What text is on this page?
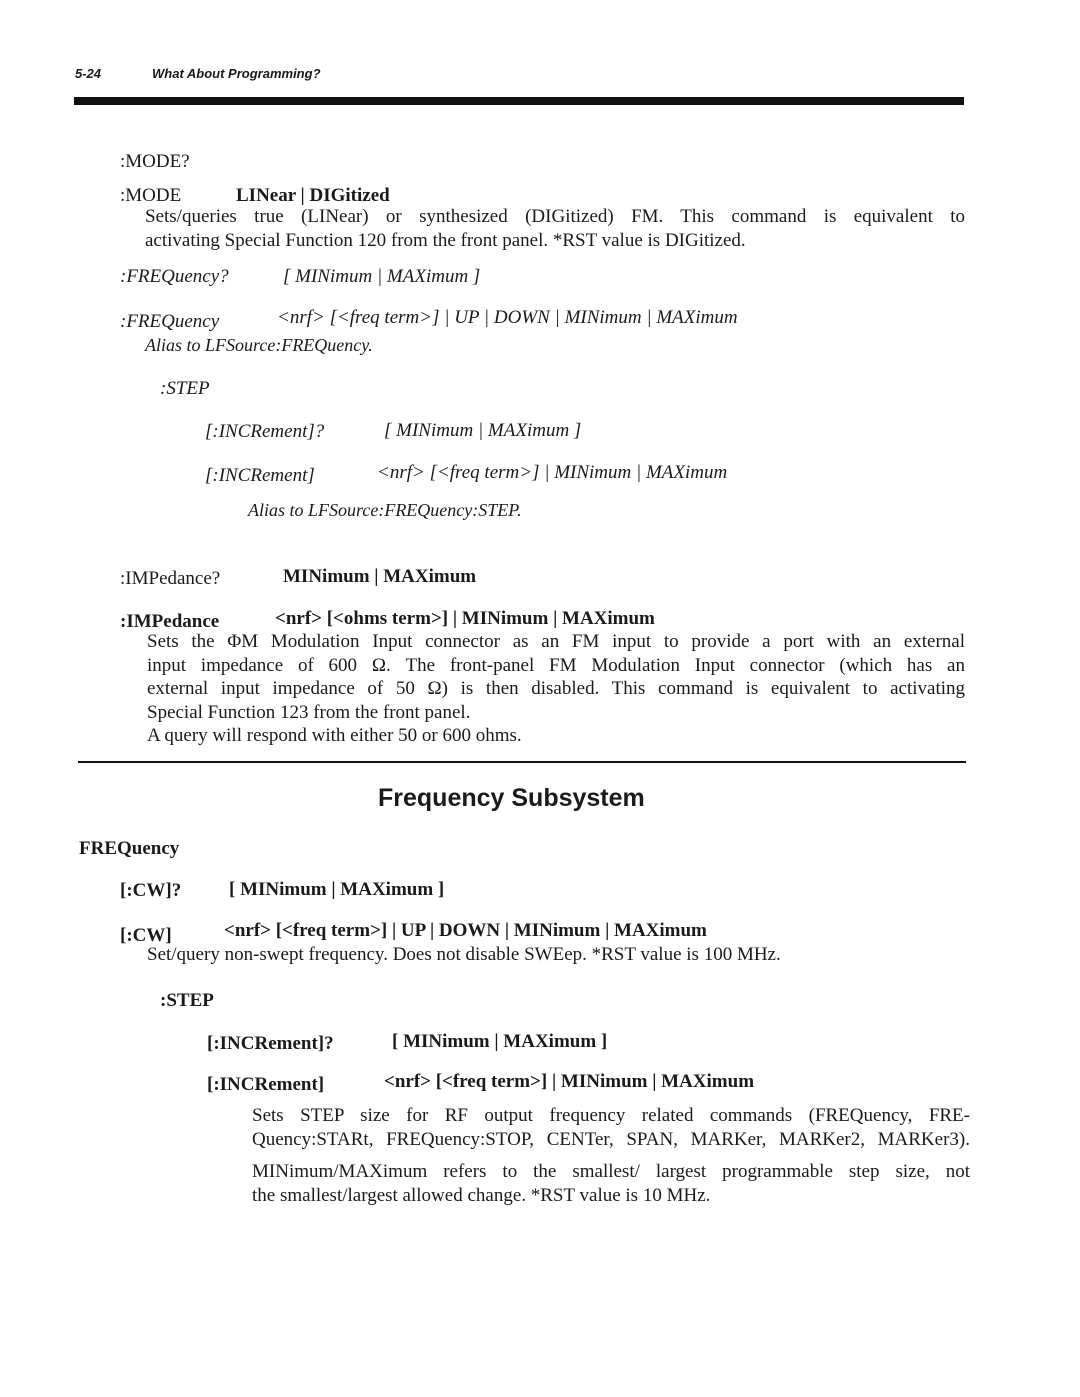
5-24	What About Programming?
:MODE?
:MODE	LINear | DIGitized
Sets/queries true (LINear) or synthesized (DIGitized) FM. This command is equivalent to
activating Special Function 120 from the front panel. *RST value is DIGitized.
:FREQuency?	[ MINimum | MAXimum ]
:FREQuency	<nrf> [<freq term>] | UP | DOWN | MINimum | MAXimum
Alias to LFSource:FREQuency.
:STEP
[:INCRement]?	[ MINimum | MAXimum ]
[:INCRement]	<nrf> [<freq term>] | MINimum | MAXimum
Alias to LFSource:FREQuency:STEP.
:IMPedance?	MINimum | MAXimum
:IMPedance	<nrf> [<ohms term>] | MINimum | MAXimum
Sets the ΦM Modulation Input connector as an FM input to provide a port with an external
input impedance of 600 Ω. The front-panel FM Modulation Input connector (which has an
external input impedance of 50 Ω) is then disabled. This command is equivalent to activating
Special Function 123 from the front panel.
A query will respond with either 50 or 600 ohms.
Frequency Subsystem
FREQuency
[:CW]?	[ MINimum | MAXimum ]
[:CW]	<nrf> [<freq term>] | UP | DOWN | MINimum | MAXimum
Set/query non-swept frequency. Does not disable SWEep. *RST value is 100 MHz.
:STEP
[:INCRement]?	[ MINimum | MAXimum ]
[:INCRement]	<nrf> [<freq term>] | MINimum | MAXimum
Sets STEP size for RF output frequency related commands (FREQuency, FRE-
Quency:STARt, FREQuency:STOP, CENTer, SPAN, MARKer, MARKer2, MARKer3).
MINimum/MAXimum refers to the smallest/ largest programmable step size, not
the smallest/largest allowed change. *RST value is 10 MHz.
